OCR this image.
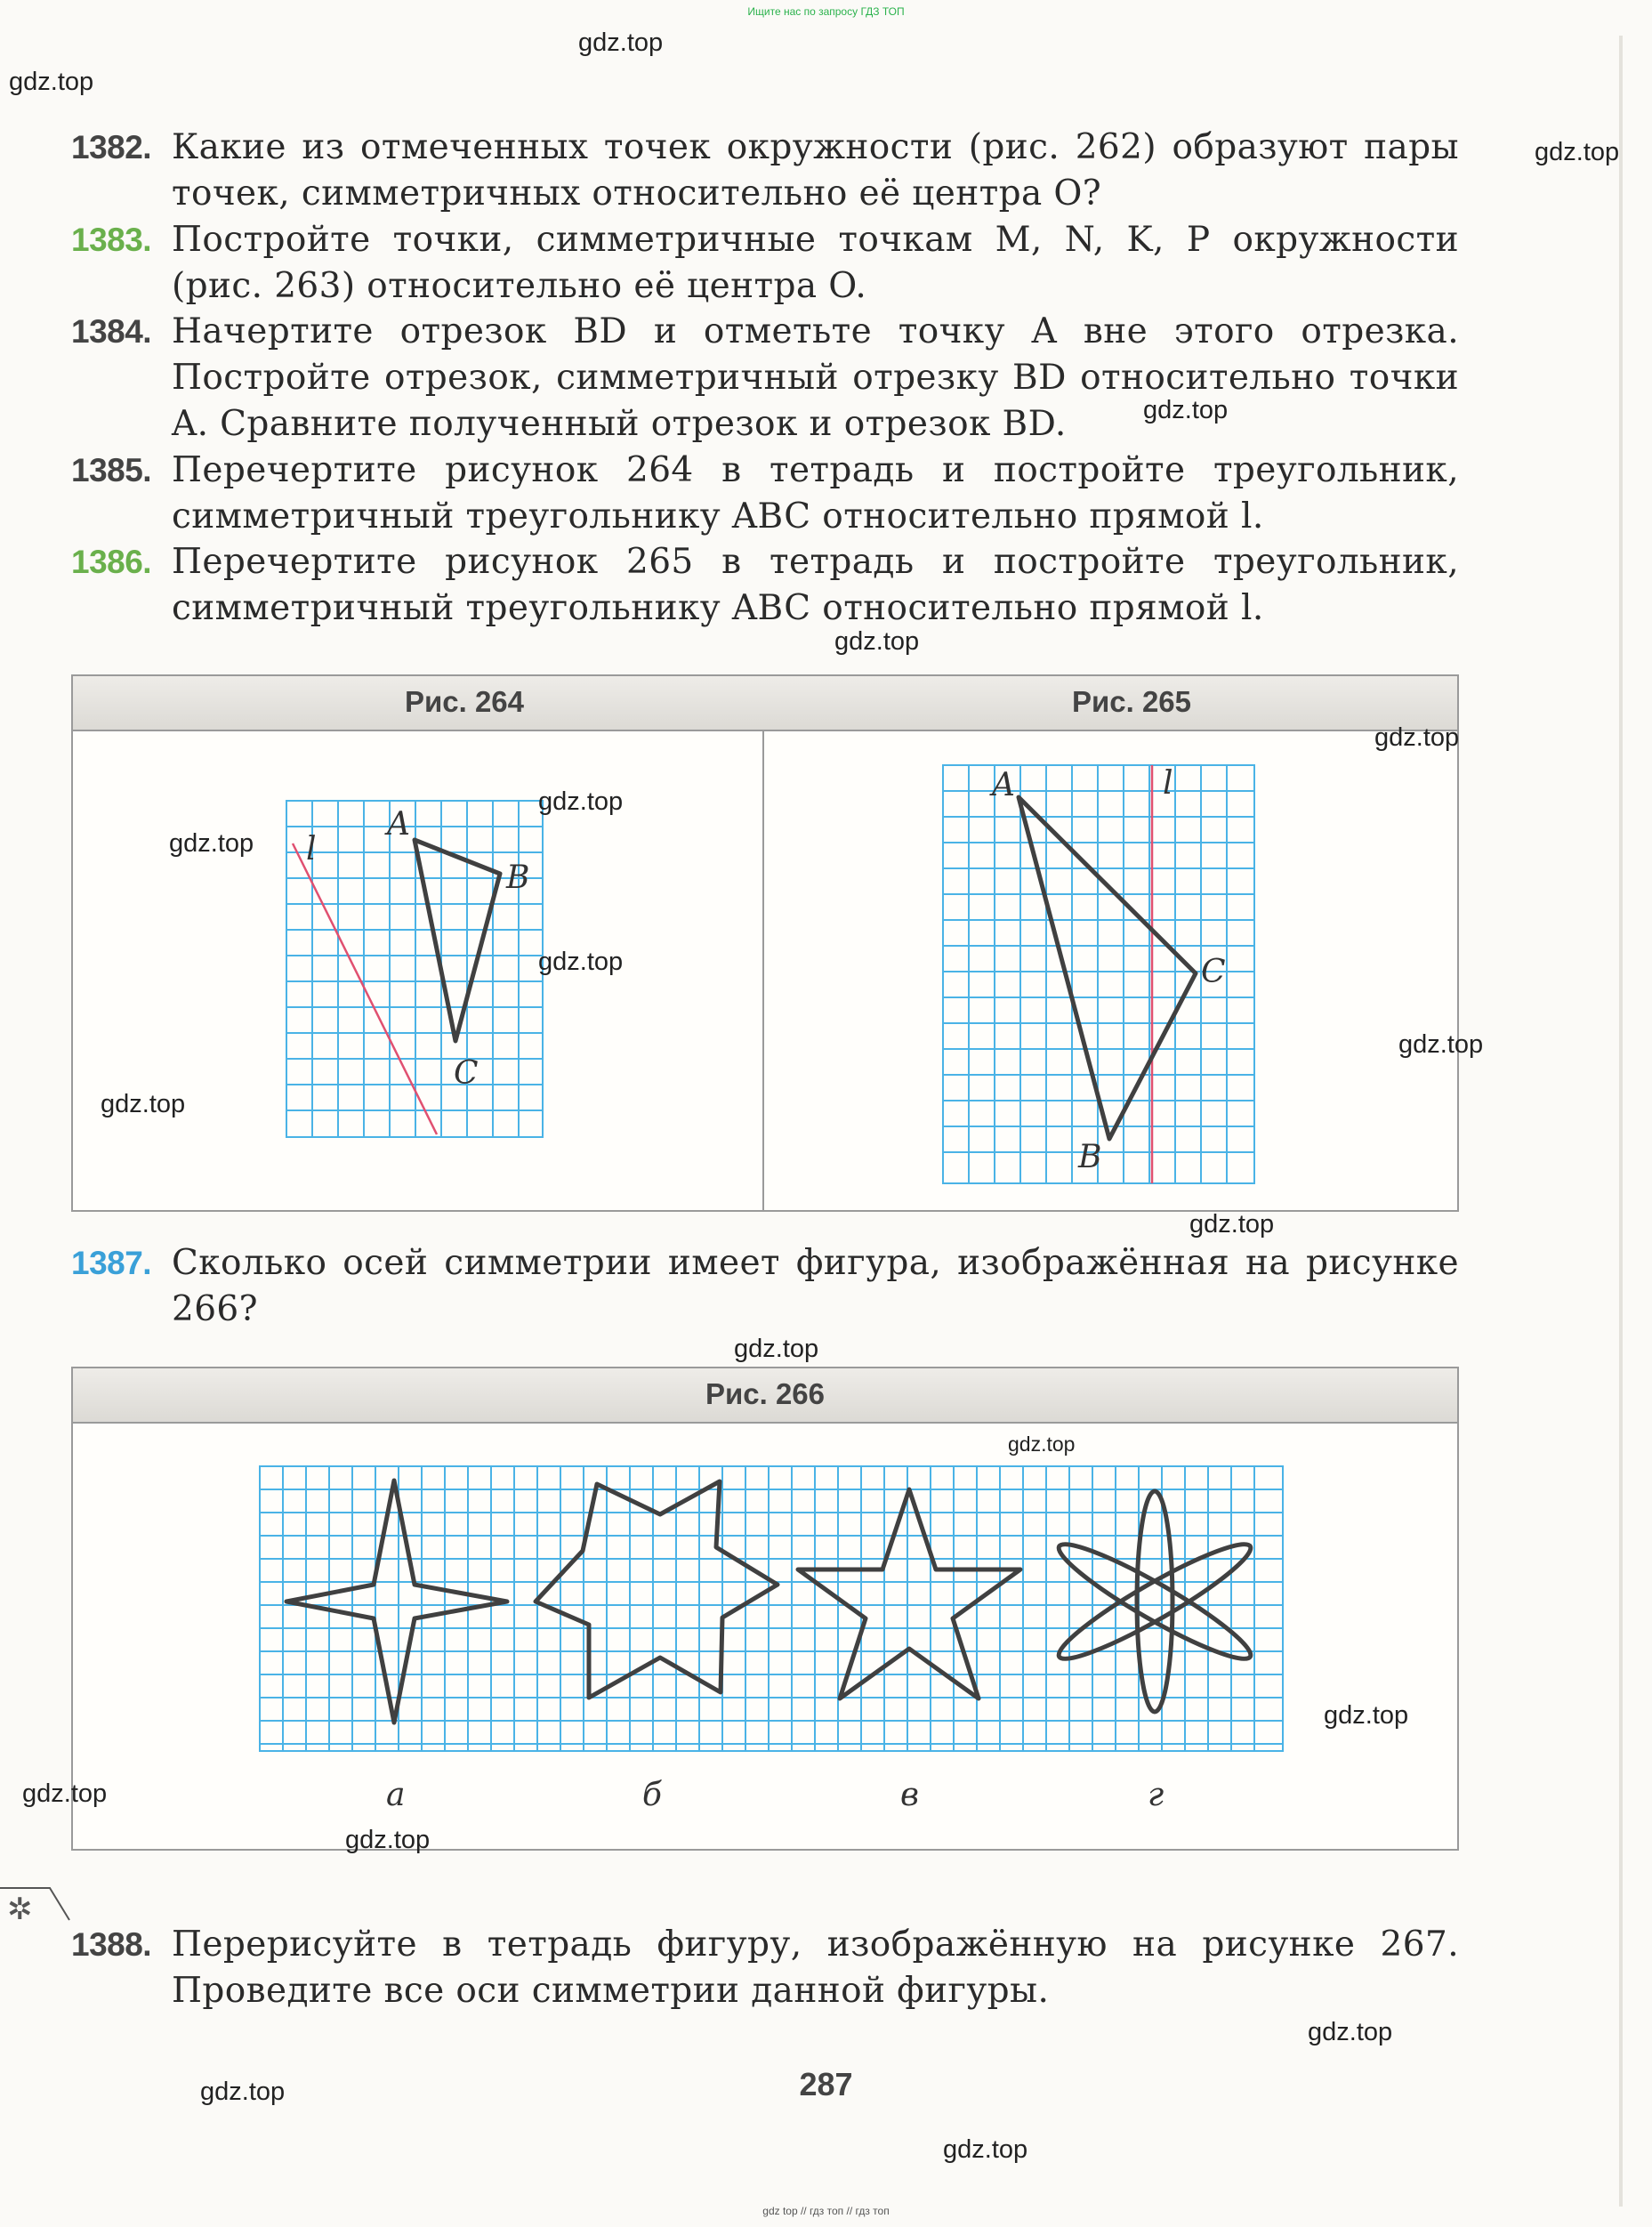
Ищите нас по запросу ГДЗ ТОП
1382. Какие из отмеченных точек окружности (рис. 262) образуют пары точек, симметричных относительно её центра O?
1383. Постройте точки, симметричные точкам M, N, K, P окружности (рис. 263) относительно её центра O.
1384. Начертите отрезок BD и отметьте точку A вне этого отрезка. Постройте отрезок, симметричный отрезку BD относительно точки A. Сравните полученный отрезок и отрезок BD.
1385. Перечертите рисунок 264 в тетрадь и постройте треугольник, симметричный треугольнику ABC относительно прямой l.
1386. Перечертите рисунок 265 в тетрадь и постройте треугольник, симметричный треугольнику ABC относительно прямой l.
Рис. 264	Рис. 265
l
A
B
C
A	l
C
B
1387. Сколько осей симметрии имеет фигура, изображённая на рисунке 266?
Рис. 266
а	б	в	г
✲
1388. Перерисуйте в тетрадь фигуру, изображённую на рисунке 267. Проведите все оси симметрии данной фигуры.
287
gdz top // гдз топ // гдз топ
gdz.top
gdz.top
gdz.top
gdz.top
gdz.top
gdz.top
gdz.top
gdz.top
gdz.top
gdz.top
gdz.top
gdz.top
gdz.top
gdz.top
gdz.top
gdz.top
gdz.top
gdz.top
gdz.top
gdz.top
